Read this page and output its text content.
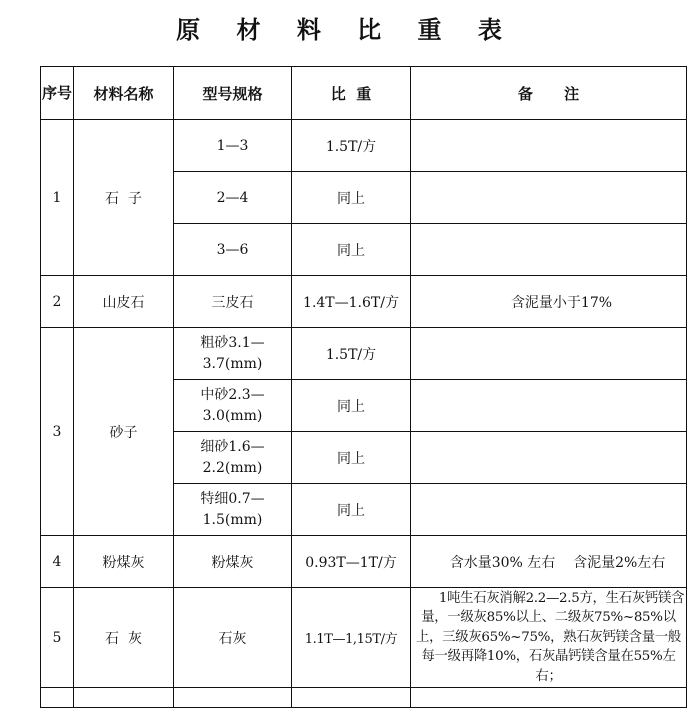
原 材 料 比 重 表
序号	材料名称	型号规格	比  重	备      注
1	石  子	1—3	1.5T/方	
		2—4	同上	
		3—6	同上	
2	山皮石	三皮石	1.4T—1.6T/方	含泥量小于17%
3	砂子	粗砂3.1—
3.7(mm)	1.5T/方	

		中砂2.3—
3.0(mm)	同上	

		细砂1.6—
2.2(mm)	同上	

		特细0.7—
1.5(mm)	同上	
4	粉煤灰	粉煤灰	0.93T—1T/方	含水量30% 左右    含泥量2%左右
5	石  灰	石灰	1.1T—1,15T/方	1吨生石灰消解2.2—2.5方，生石灰钙镁含量，一级灰85%以上、二级灰75%~85%以上，三级灰65%~75%，熟石灰钙镁含量一般每一级再降10%，石灰晶钙镁含量在55%左右；
